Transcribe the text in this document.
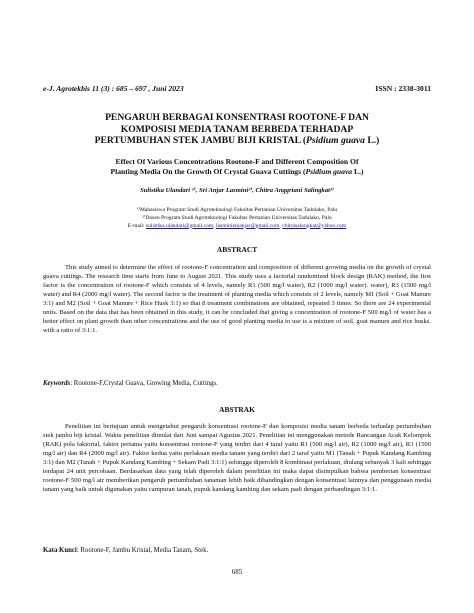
e-J. Agrotekbis 11 (3) : 685 – 697 , Juni 2023	ISSN : 2338-3011
PENGARUH BERBAGAI KONSENTRASI ROOTONE-F DAN
KOMPOSISI MEDIA TANAM BERBEDA TERHADAP
PERTUMBUHAN STEK JAMBU BIJI KRISTAL (Psidium guava L.)
Effect Of Various Concentrations Rootone-F and Different Composition Of
Planting Media On the Growth Of Crystal Guava Cuttings (Psidium guava L.)
Sulistika Ulandari ¹⁾, Sri Anjar Lasmini²⁾, Chitra Anggriani Salingkat²⁾
¹⁾Mahasiswa Program Studi Agroteknologi Fakultas Pertanian Universitas Tadulako, Palu
²⁾Dosen Program Studi Agroteknologi Fakultas Pertanian Universitas Tadulako, Palu
E-mail: sulistika.ulandari@gmail.com, lasminienianjar@gmail.com, chitrasalongkat@yahoo.com
ABSTRACT

This study aimed to determine the effect of rootone-F concentration and composition of different growing media on the growth of crystal guava cuttings. The research time starts from June to August 2021. This study uses a factorial randomized block design (RAK) method, the first factor is the concentration of rootone-F which consists of 4 levels, namely R1 (500 mg/l water), R2 (1000 mg/l water). water), R3 (1500 mg/l water) and R4 (2000 mg/l water). The second factor is the treatment of planting media which consists of 2 levels, namely M1 (Soil + Goat Manure 3:1) and M2 (Soil + Goat Manure + Rice Husk 3:1) so that 8 treatment combinations are obtained, repeated 3 times. So there are 24 experimental units. Based on the data that has been obtained in this study, it can be concluded that giving a concentration of rootone-F 500 mg/l of water has a better effect on plant growth than other concentrations and the use of good planting media to use is a mixture of soil, goat manure and rice husks. with a ratio of 3:1:1.

Keywords: Rootone-F,Crystal Guava, Growing Media, Cuttings.

ABSTRAK

Penelitian ini bertujuan untuk mengetahui pengaruh konsentrasi rootone-F dan komposisi media tanam berbeda terhadap pertumbuhan stek jambu biji kristal. Waktu penelitian dimulai dari Juni sampai Agustus 2021. Penelitian ini menggunakan metode Rancangan Acak Kelompok (RAK) pola faktorial, faktor pertama yaitu konsentrasi rootone-F yang terdiri dari 4 taraf yaitu R1 (500 mg/l air), R2 (1000 mg/l air), R3 (1500 mg/l air) dan R4 (2000 mg/l air). Faktor kedua yaitu perlakuan media tanam yang terdiri dari 2 taraf yaitu M1 (Tanah + Pupuk Kandang Kambing 3:1) dan M2 (Tanah + Pupuk Kandang Kambing + Sekam Padi 3:1:1) sehingga diperoleh 8 kombinasi perlakuan, diulang sebanyak 3 kali sehingga terdapat 24 unit percobaan. Berdasarkan data yang telah diperoleh dalam penelitian ini maka dapat disimpulkan bahwa pemberian konsentrasi rootone-F 500 mg/l air memberikan pengaruh pertumbuhan tanaman lebih baik dibandingkan dengan konsentrasi lainnya dan penggunaan media tanam yang baik untuk digunakan yaitu campuran tanah, pupuk kandang kambing dan sekam padi dengan perbandingan 3:1:1.

Kata Kunci: Rootone-F, Jambu Kristal, Media Tanam, Stek.

685
